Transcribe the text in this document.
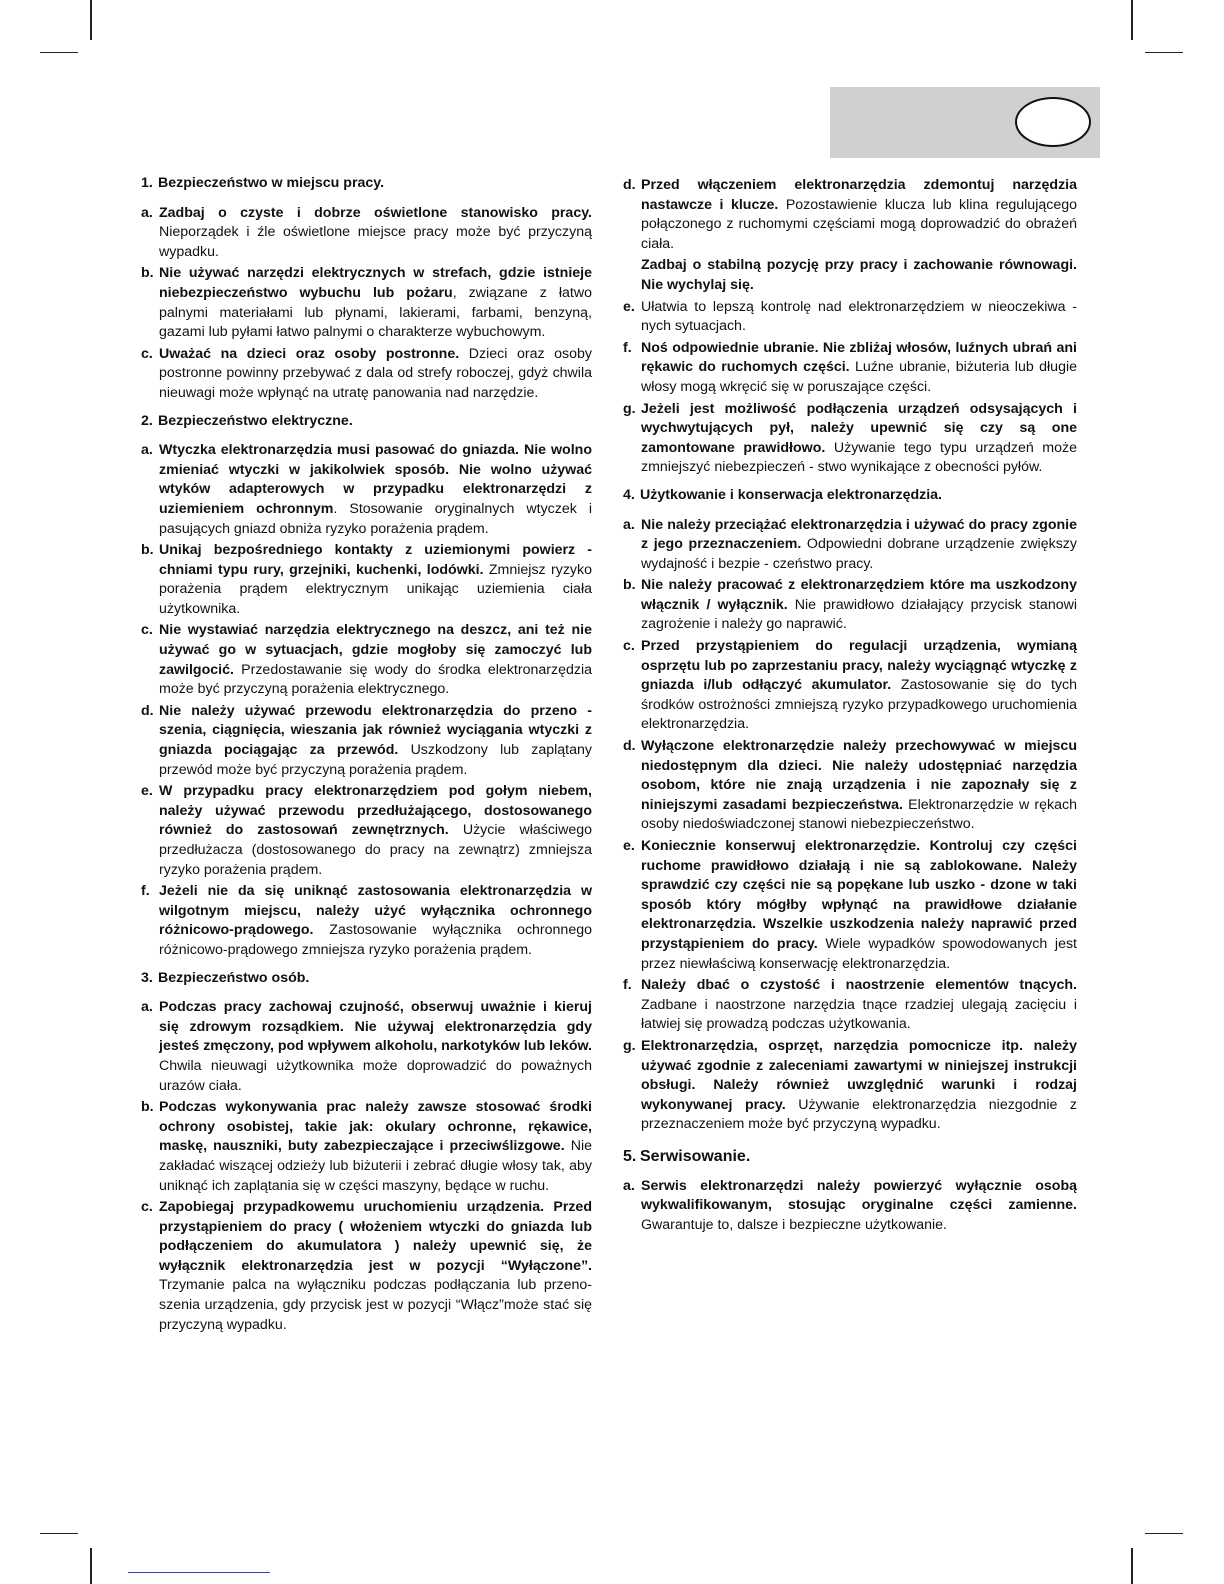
1. Bezpieczeństwo w miejscu pracy.
a. Zadbaj o czyste i dobrze oświetlone stanowisko pracy. Nieporządek i źle oświetlone miejsce pracy może być przyczyną wypadku.
b. Nie używać narzędzi elektrycznych w strefach, gdzie istnieje niebezpieczeństwo wybuchu lub pożaru, związane z łatwo palnymi materiałami lub płynami, lakierami, farbami, benzyną, gazami lub pyłami łatwo palnymi o charakterze wybuchowym.
c. Uważać na dzieci oraz osoby postronne. Dzieci oraz osoby postronne powinny przebywać z dala od strefy roboczej, gdyż chwila nieuwagi może wpłynąć na utratę panowania nad narzędzie.
2. Bezpieczeństwo elektryczne.
a. Wtyczka elektronarzędzia musi pasować do gniazda. Nie wolno zmieniać wtyczki w jakikolwiek sposób. Nie wolno używać wtyków adapterowych w przypadku elektronarzędzi z uziemieniem ochronnym. Stosowanie oryginalnych wtyczek i pasujących gniazd obniża ryzyko porażenia prądem.
b. Unikaj bezpośredniego kontakty z uziemionymi powierz - chniami typu rury, grzejniki, kuchenki, lodówki. Zmniejsz ryzyko porażenia prądem elektrycznym unikając uziemienia ciała użytkownika.
c. Nie wystawiać narzędzia elektrycznego na deszcz, ani też nie używać go w sytuacjach, gdzie mogłoby się zamoczyć lub zawilgocić. Przedostawanie się wody do środka elektronarzędzia może być przyczyną porażenia elektrycznego.
d. Nie należy używać przewodu elektronarzędzia do przeno - szenia, ciągnięcia, wieszania jak również wyciągania wtyczki z gniazda pociągając za przewód. Uszkodzony lub zaplątany przewód może być przyczyną porażenia prądem.
e. W przypadku pracy elektronarzędziem pod gołym niebem, należy używać przewodu przedłużającego, dostosowanego również do zastosowań zewnętrznych. Użycie właściwego przedłużacza (dostosowanego do pracy na zewnątrz) zmniejsza ryzyko porażenia prądem.
f. Jeżeli nie da się uniknąć zastosowania elektronarzędzia w wilgotnym miejscu, należy użyć wyłącznika ochronnego różnicowo-prądowego. Zastosowanie wyłącznika ochronnego różnicowo-prądowego zmniejsza ryzyko porażenia prądem.
3. Bezpieczeństwo osób.
a. Podczas pracy zachowaj czujność, obserwuj uważnie i kieruj się zdrowym rozsądkiem. Nie używaj elektronarzędzia gdy jesteś zmęczony, pod wpływem alkoholu, narkotyków lub leków. Chwila nieuwagi użytkownika może doprowadzić do poważnych urazów ciała.
b. Podczas wykonywania prac należy zawsze stosować środki ochrony osobistej, takie jak: okulary ochronne, rękawice, maskę, nauszniki, buty zabezpieczające i przeciwślizgowe. Nie zakładać wiszącej odzieży lub biżuterii i zebrać długie włosy tak, aby uniknąć ich zaplątania się w części maszyny, będące w ruchu.
c. Zapobiegaj przypadkowemu uruchomieniu urządzenia. Przed przystąpieniem do pracy ( włożeniem wtyczki do gniazda lub podłączeniem do akumulatora ) należy upewnić się, że wyłącznik elektronarzędzia jest w pozycji “Wyłączone”. Trzymanie palca na wyłączniku podczas podłączania lub przeno-szenia urządzenia, gdy przycisk jest w pozycji “Włącz”może stać się przyczyną wypadku.
d. Przed włączeniem elektronarzędzia zdemontuj narzędzia nastawcze i klucze. Pozostawienie klucza lub klina regulującego połączonego z ruchomymi częściami mogą doprowadzić do obrażeń ciała.
Zadbaj o stabilną pozycję przy pracy i zachowanie równowagi. Nie wychylaj się.
e. Ułatwia to lepszą kontrolę nad elektronarzędziem w nieoczekiwa - nych sytuacjach.
f. Noś odpowiednie ubranie. Nie zbliżaj włosów, luźnych ubrań ani rękawic do ruchomych części. Luźne ubranie, biżuteria lub długie włosy mogą wkręcić się w poruszające części.
g. Jeżeli jest możliwość podłączenia urządzeń odsysających i wychwytujących pył, należy upewnić się czy są one zamontowane prawidłowo. Używanie tego typu urządzeń może zmniejszyć niebezpieczeń - stwo wynikające z obecności pyłów.
4. Użytkowanie i konserwacja elektronarzędzia.
a. Nie należy przeciążać elektronarzędzia i używać do pracy zgonie z jego przeznaczeniem. Odpowiedni dobrane urządzenie zwiększy wydajność i bezpie - czeństwo pracy.
b. Nie należy pracować z elektronarzędziem które ma uszkodzony włącznik / wyłącznik. Nie prawidłowo działający przycisk stanowi zagrożenie i należy go naprawić.
c. Przed przystąpieniem do regulacji urządzenia, wymianą osprzętu lub po zaprzestaniu pracy, należy wyciągnąć wtyczkę z gniazda i/lub odłączyć akumulator. Zastosowanie się do tych środków ostrożności zmniejszą ryzyko przypadkowego uruchomienia elektronarzędzia.
d. Wyłączone elektronarzędzie należy przechowywać w miejscu niedostępnym dla dzieci. Nie należy udostępniać narzędzia osobom, które nie znają urządzenia i nie zapoznały się z niniejszymi zasadami bezpieczeństwa. Elektronarzędzie w rękach osoby niedoświadczonej stanowi niebezpieczeństwo.
e. Koniecznie konserwuj elektronarzędzie. Kontroluj czy części ruchome prawidłowo działają i nie są zablokowane. Należy sprawdzić czy części nie są popękane lub uszko - dzone w taki sposób który mógłby wpłynąć na prawidłowe działanie elektronarzędzia. Wszelkie uszkodzenia należy naprawić przed przystąpieniem do pracy. Wiele wypadków spowodowanych jest przez niewłaściwą konserwację elektronarzędzia.
f. Należy dbać o czystość i naostrzenie elementów tnących. Zadbane i naostrzone narzędzia tnące rzadziej ulegają zacięciu i łatwiej się prowadzą podczas użytkowania.
g. Elektronarzędzia, osprzęt, narzędzia pomocnicze itp. należy używać zgodnie z zaleceniami zawartymi w niniejszej instrukcji obsługi. Należy również uwzględnić warunki i rodzaj wykonywanej pracy. Używanie elektronarzędzia niezgodnie z przeznaczeniem może być przyczyną wypadku.
5. Serwisowanie.
a. Serwis elektronarzędzi należy powierzyć wyłącznie osobą wykwalifikowanym, stosując oryginalne części zamienne. Gwarantuje to, dalsze i bezpieczne użytkowanie.
